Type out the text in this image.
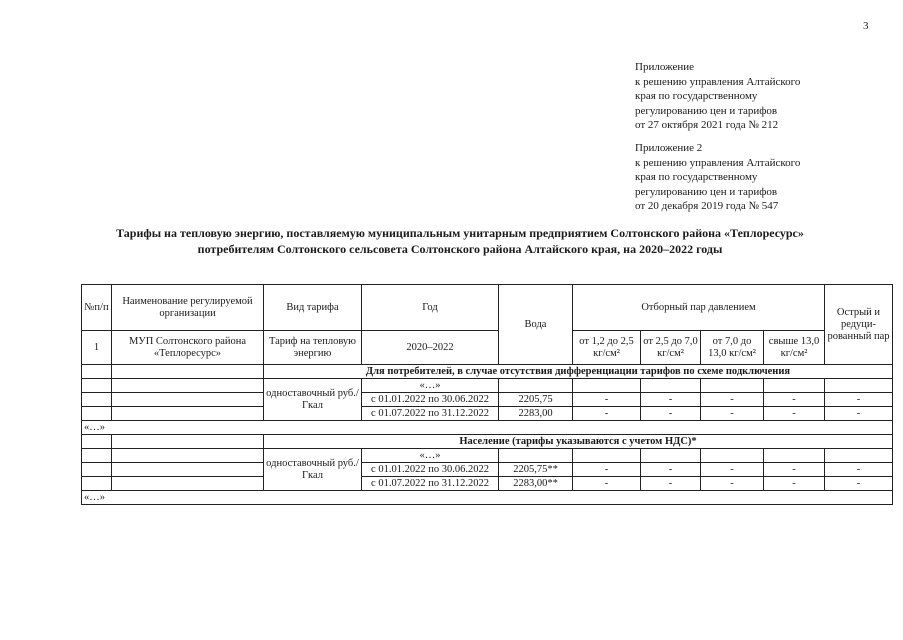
3
Приложение
к решению управления Алтайского
края по государственному
регулированию цен и тарифов
от 27 октября 2021 года № 212
Приложение 2
к решению управления Алтайского
края по государственному
регулированию цен и тарифов
от 20 декабря 2019 года № 547
Тарифы на тепловую энергию, поставляемую муниципальным унитарным предприятием Солтонского района «Теплоресурс»
потребителям Солтонского сельсовета Солтонского района Алтайского края, на 2020–2022 годы
№п/п	Наименование регулируемой организации	Вид тарифа	Год	Вода	Отборный пар давлением				Острый и редуци-рованный пар
1	МУП Солтонского района «Теплоресурс»	Тариф на тепловую энергию	2020–2022		от 1,2 до 2,5 кг/см²	от 2,5 до 7,0 кг/см²	от 7,0 до 13,0 кг/см²	свыше 13,0 кг/см²	
		Для потребителей, в случае отсутствия дифференциации тарифов по схеме подключения							
		одноставочный руб./Гкал	«…»						
			с 01.01.2022 по 30.06.2022	2205,75	-	-	-	-	-
			с 01.07.2022 по 31.12.2022	2283,00	-	-	-	-	-
«…»									
		Население (тарифы указываются с учетом НДС)*							
		одноставочный руб./Гкал	«…»						
			с 01.01.2022 по 30.06.2022	2205,75**	-	-	-	-	-
			с 01.07.2022 по 31.12.2022	2283,00**	-	-	-	-	-
«…»									
